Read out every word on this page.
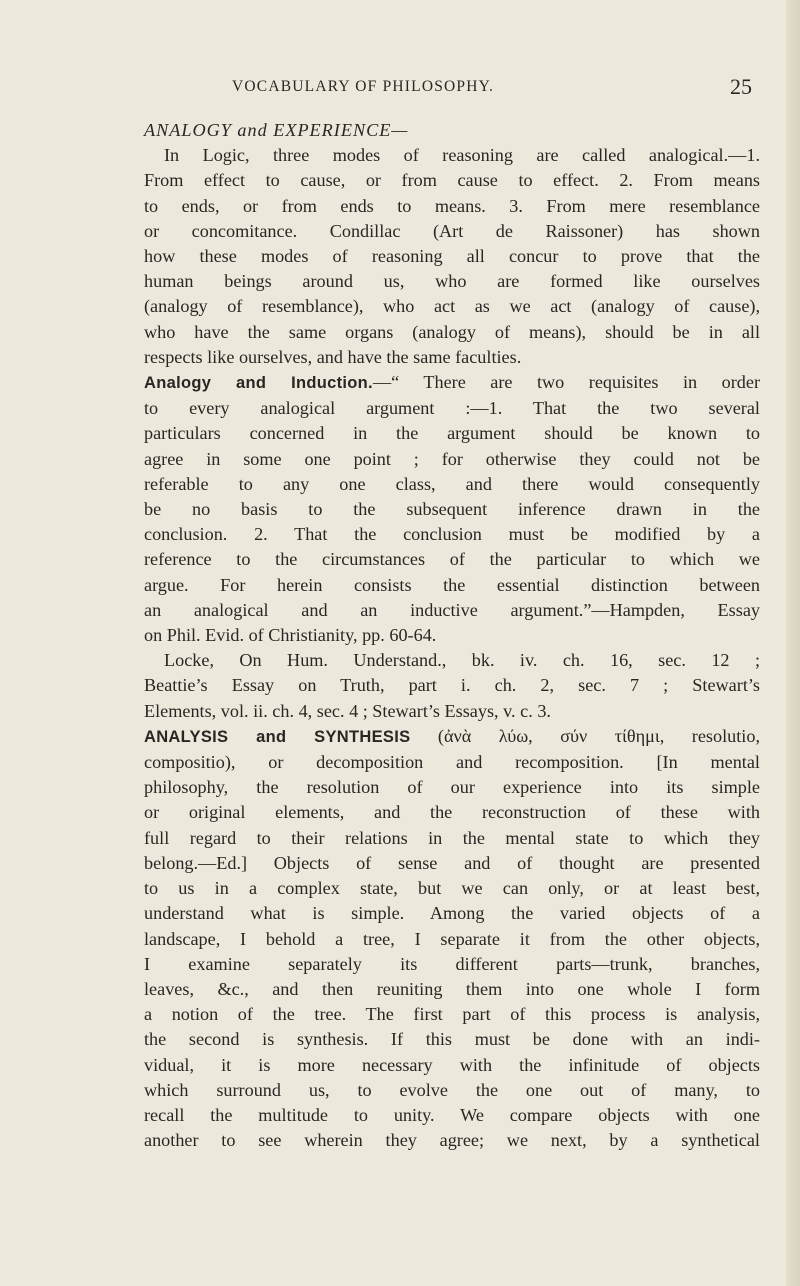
VOCABULARY OF PHILOSOPHY.	25
ANALOGY and EXPERIENCE—
In Logic, three modes of reasoning are called analogical.—1.
From effect to cause, or from cause to effect. 2. From means
to ends, or from ends to means. 3. From mere resemblance
or concomitance. Condillac (Art de Raissoner) has shown
how these modes of reasoning all concur to prove that the
human beings around us, who are formed like ourselves
(analogy of resemblance), who act as we act (analogy of cause),
who have the same organs (analogy of means), should be in all
respects like ourselves, and have the same faculties.
Analogy and Induction.—“ There are two requisites in order
to every analogical argument :—1. That the two several
particulars concerned in the argument should be known to
agree in some one point ; for otherwise they could not be
referable to any one class, and there would consequently
be no basis to the subsequent inference drawn in the
conclusion. 2. That the conclusion must be modified by a
reference to the circumstances of the particular to which we
argue. For herein consists the essential distinction between
an analogical and an inductive argument.”—Hampden, Essay
on Phil. Evid. of Christianity, pp. 60-64.
Locke, On Hum. Understand., bk. iv. ch. 16, sec. 12 ;
Beattie’s Essay on Truth, part i. ch. 2, sec. 7 ; Stewart’s
Elements, vol. ii. ch. 4, sec. 4 ; Stewart’s Essays, v. c. 3.
ANALYSIS and SYNTHESIS (ἀνὰ λύω, σύν τίθημι, resolutio,
compositio), or decomposition and recomposition. [In mental
philosophy, the resolution of our experience into its simple
or original elements, and the reconstruction of these with
full regard to their relations in the mental state to which they
belong.—Ed.] Objects of sense and of thought are presented
to us in a complex state, but we can only, or at least best,
understand what is simple. Among the varied objects of a
landscape, I behold a tree, I separate it from the other objects,
I examine separately its different parts—trunk, branches,
leaves, &c., and then reuniting them into one whole I form
a notion of the tree. The first part of this process is analysis,
the second is synthesis. If this must be done with an indi-
vidual, it is more necessary with the infinitude of objects
which surround us, to evolve the one out of many, to
recall the multitude to unity. We compare objects with one
another to see wherein they agree; we next, by a synthetical
